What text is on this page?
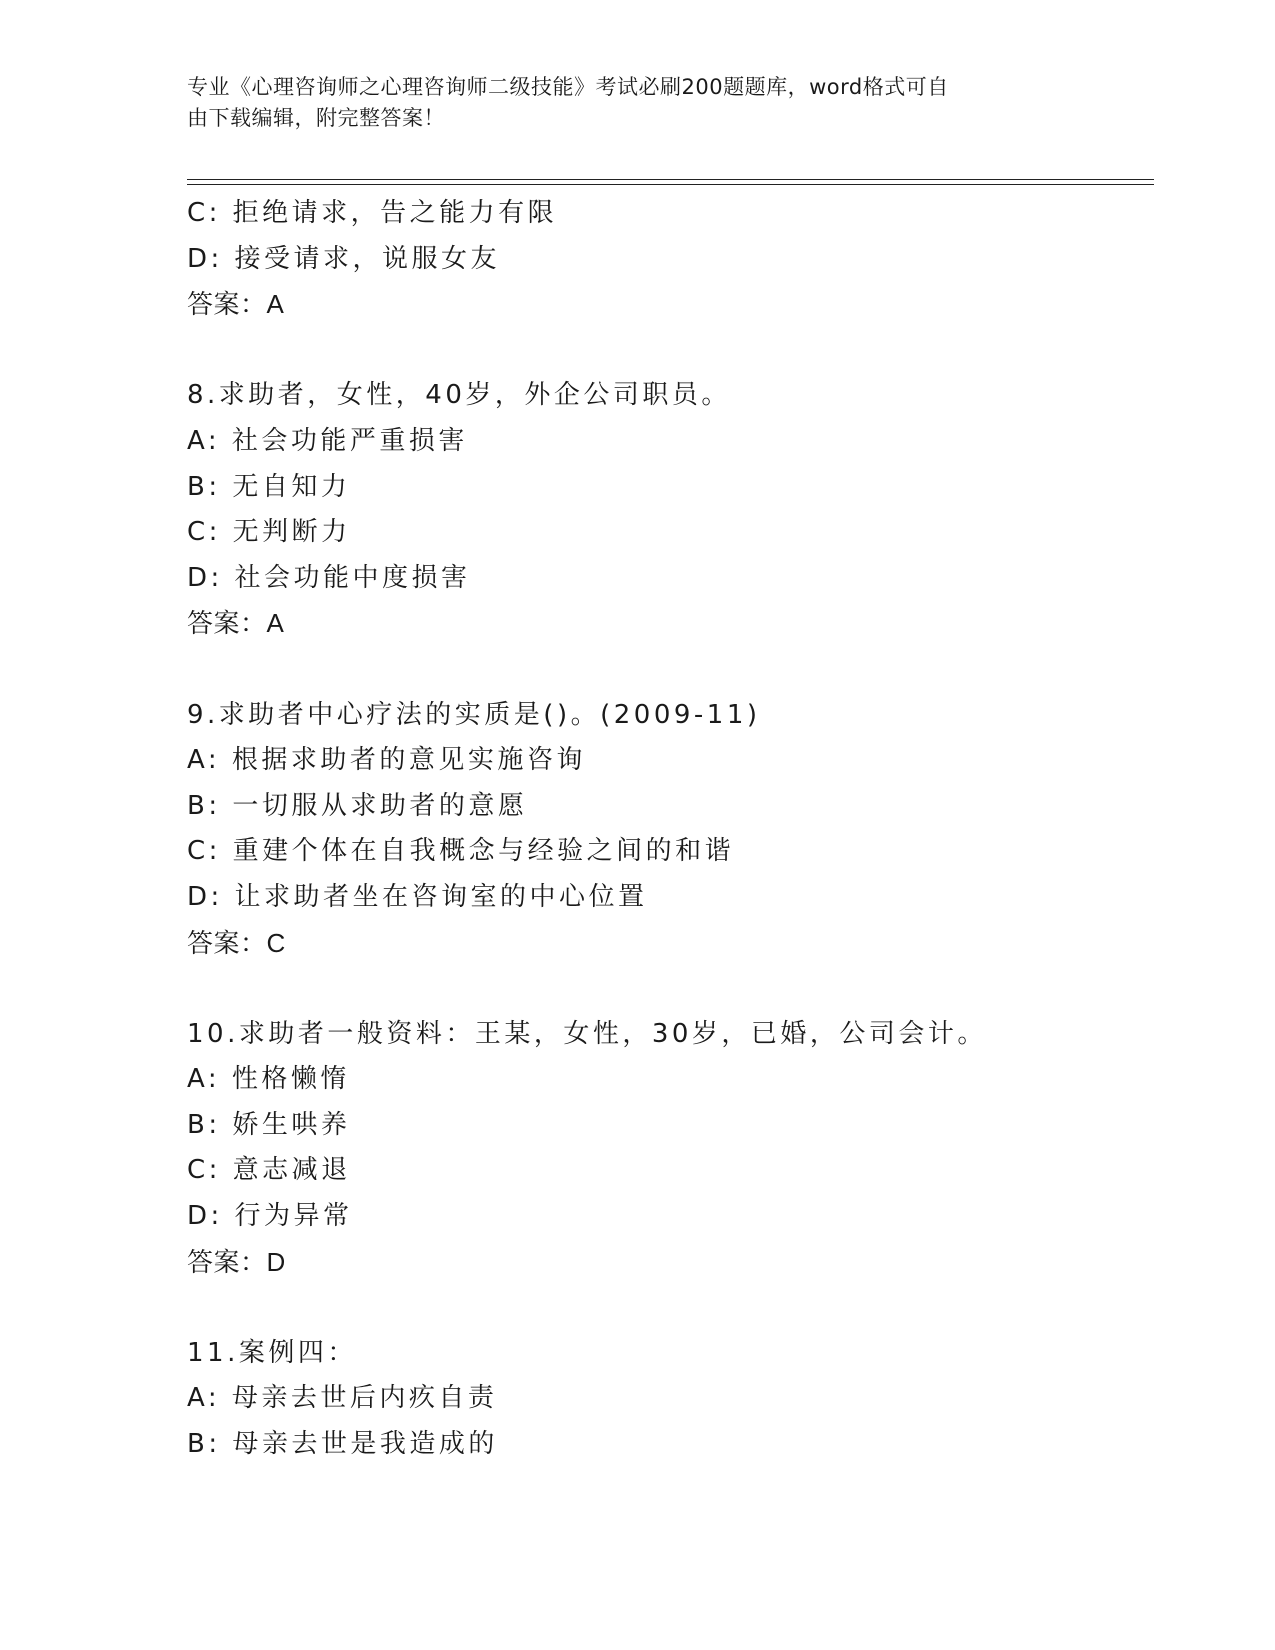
专业《心理咨询师之心理咨询师二级技能》考试必刷200题题库，word格式可自

由下载编辑，附完整答案！

C: 拒绝请求，告之能力有限
D: 接受请求，说服女友
答案：A
8.求助者，女性，40岁，外企公司职员。
A: 社会功能严重损害
B: 无自知力
C: 无判断力
D: 社会功能中度损害
答案：A
9.求助者中心疗法的实质是()。(2009-11)
A: 根据求助者的意见实施咨询
B: 一切服从求助者的意愿
C: 重建个体在自我概念与经验之间的和谐
D: 让求助者坐在咨询室的中心位置
答案：C
10.求助者一般资料：王某，女性，30岁，已婚，公司会计。
A: 性格懒惰
B: 娇生哄养
C: 意志减退
D: 行为异常
答案：D
11.案例四：
A: 母亲去世后内疚自责
B: 母亲去世是我造成的
